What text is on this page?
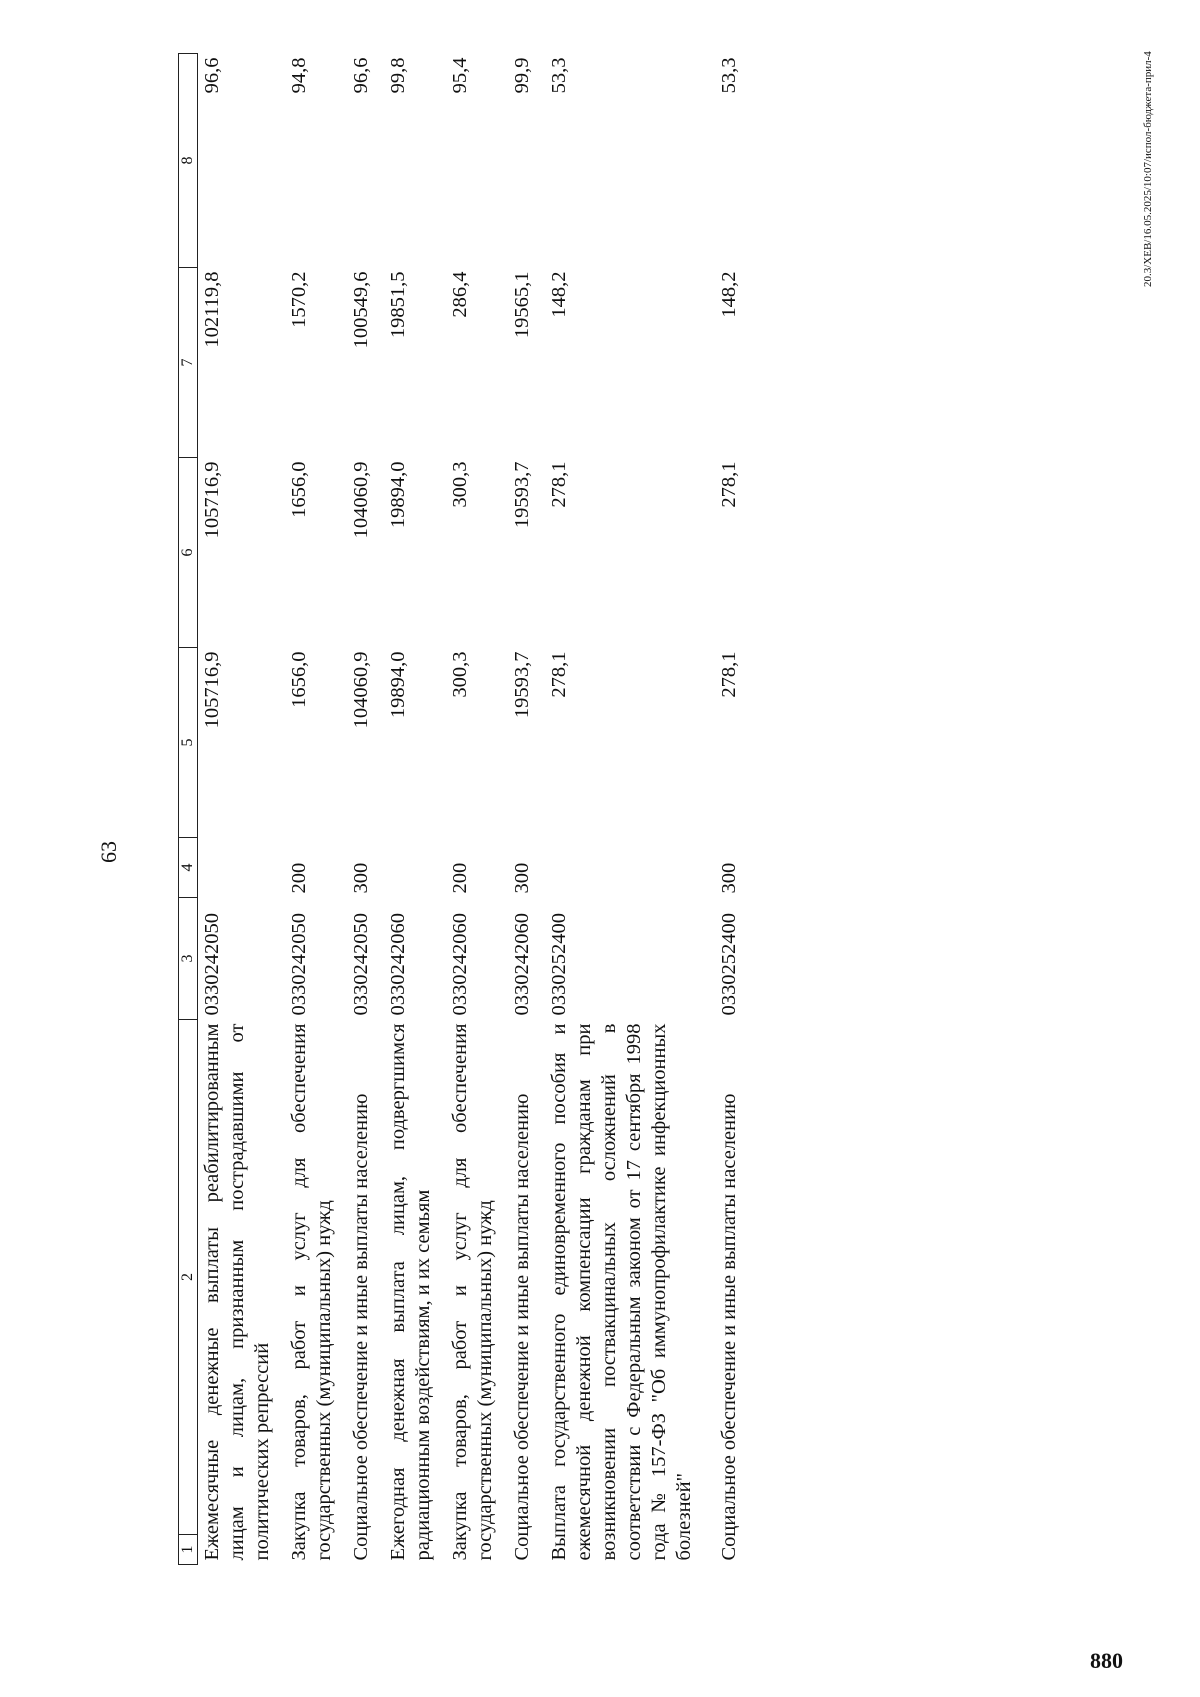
63
1	2	3	4	5	6	7	8
Ежемесячные денежные выплаты реабилитированным лицам и лицам, признанным пострадавшими от политических репрессий		0330242050		105716,9	105716,9	102119,8	96,6
Закупка товаров, работ и услуг для обеспечения государственных (муниципальных) нужд		0330242050	200	1656,0	1656,0	1570,2	94,8
Социальное обеспечение и иные выплаты населению		0330242050	300	104060,9	104060,9	100549,6	96,6
Ежегодная денежная выплата лицам, подвергшимся радиационным воздействиям, и их семьям		0330242060		19894,0	19894,0	19851,5	99,8
Закупка товаров, работ и услуг для обеспечения государственных (муниципальных) нужд		0330242060	200	300,3	300,3	286,4	95,4
Социальное обеспечение и иные выплаты населению		0330242060	300	19593,7	19593,7	19565,1	99,9
Выплата государственного единовременного пособия и ежемесячной денежной компенсации гражданам при возникновении поствакцинальных осложнений в соответствии с Федеральным законом от 17 сентября 1998 года № 157-ФЗ "Об иммунопрофилактике инфекционных болезней"		0330252400		278,1	278,1	148,2	53,3
Социальное обеспечение и иные выплаты населению		0330252400	300	278,1	278,1	148,2	53,3	20.3/ХЕВ/16.05.2025/10:07/испол-бюджета-прил-4
880
